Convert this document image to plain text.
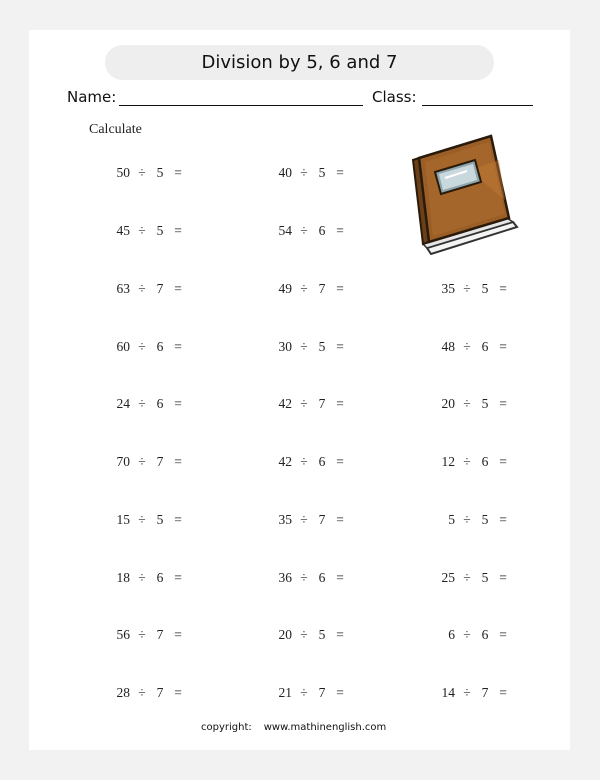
Division by 5, 6 and 7
Name:	Class:
Calculate
50 ÷ 5 =	40 ÷ 5 =
45 ÷ 5 =	54 ÷ 6 =
63 ÷ 7 =	49 ÷ 7 =	35 ÷ 5 =
60 ÷ 6 =	30 ÷ 5 =	48 ÷ 6 =
24 ÷ 6 =	42 ÷ 7 =	20 ÷ 5 =
70 ÷ 7 =	42 ÷ 6 =	12 ÷ 6 =
15 ÷ 5 =	35 ÷ 7 =	5 ÷ 5 =
18 ÷ 6 =	36 ÷ 6 =	25 ÷ 5 =
56 ÷ 7 =	20 ÷ 5 =	6 ÷ 6 =
28 ÷ 7 =	21 ÷ 7 =	14 ÷ 7 =
copyright: www.mathinenglish.com
